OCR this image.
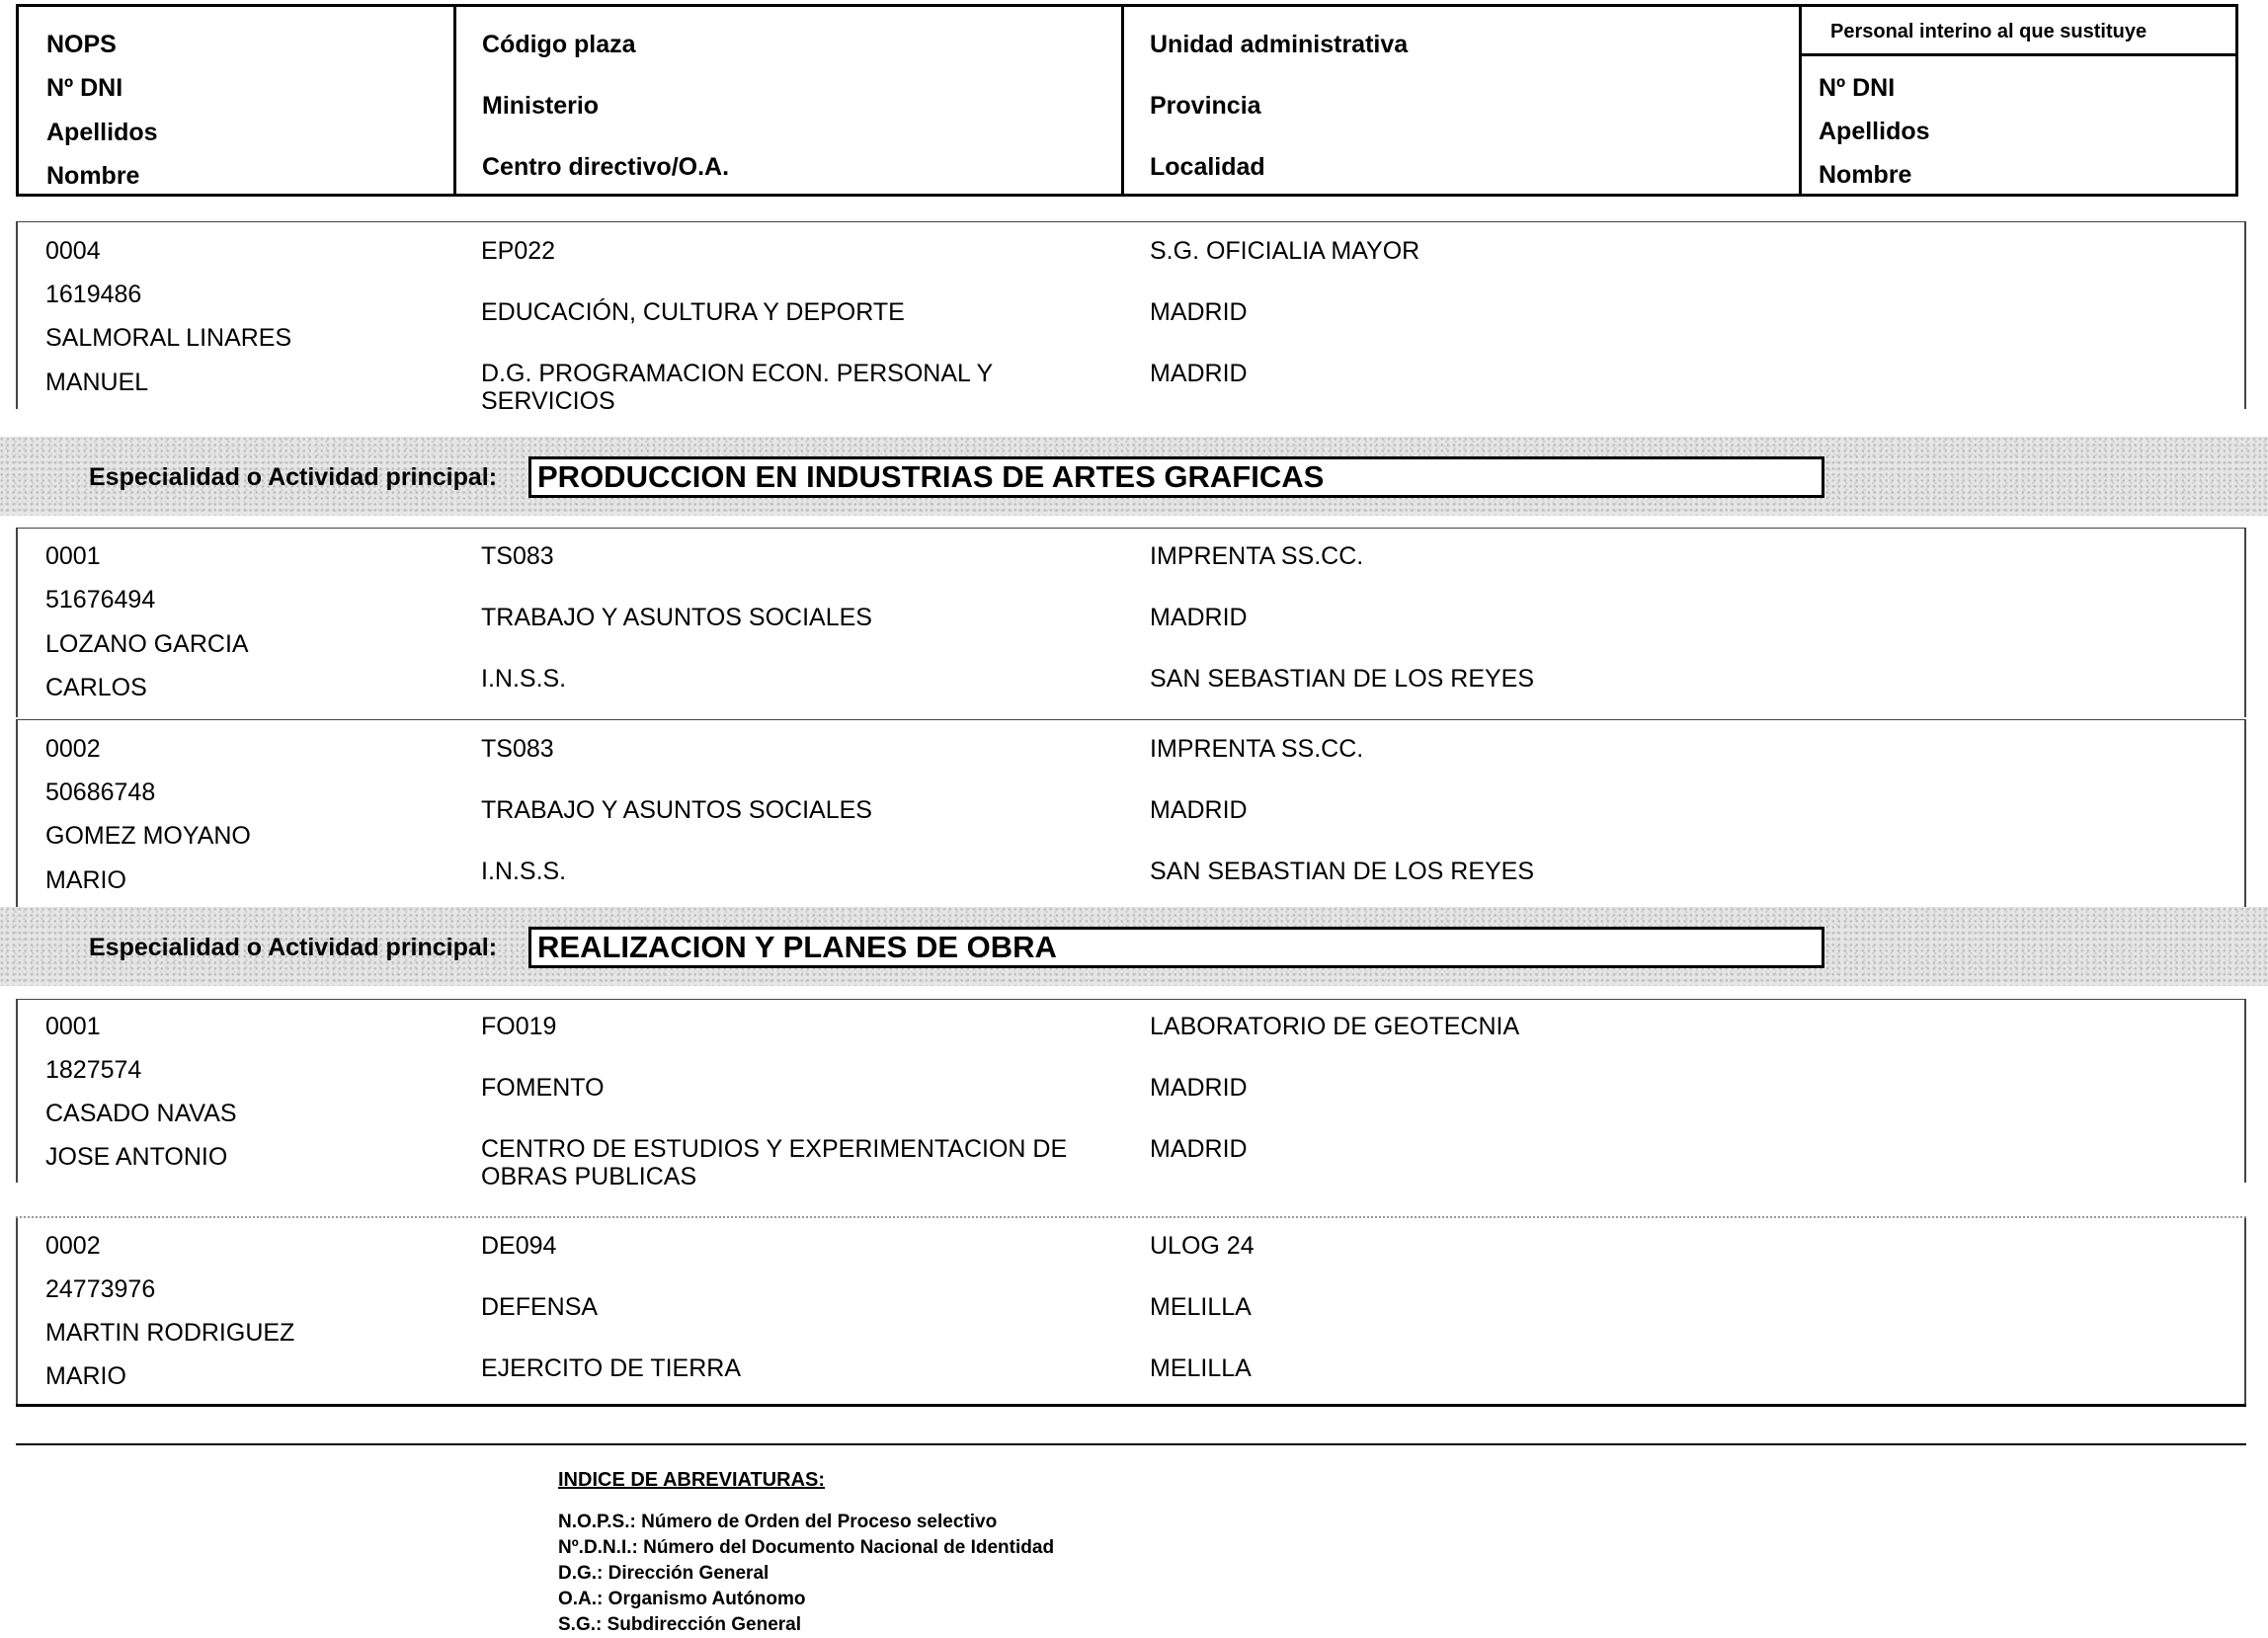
NOPS
Nº DNI
Apellidos
Nombre
Código plaza
Ministerio
Centro directivo/O.A.
Unidad administrativa
Provincia
Localidad
Personal interino al que sustituye
Nº DNI
Apellidos
Nombre
0004
1619486
SALMORAL LINARES
MANUEL
EP022
EDUCACIÓN, CULTURA Y DEPORTE
D.G. PROGRAMACION ECON. PERSONAL Y SERVICIOS
S.G. OFICIALIA MAYOR
MADRID
MADRID
Especialidad o Actividad principal: PRODUCCION EN INDUSTRIAS DE ARTES GRAFICAS
0001
51676494
LOZANO GARCIA
CARLOS
TS083
TRABAJO Y ASUNTOS SOCIALES
I.N.S.S.
IMPRENTA SS.CC.
MADRID
SAN SEBASTIAN DE LOS REYES
0002
50686748
GOMEZ MOYANO
MARIO
TS083
TRABAJO Y ASUNTOS SOCIALES
I.N.S.S.
IMPRENTA SS.CC.
MADRID
SAN SEBASTIAN DE LOS REYES
Especialidad o Actividad principal: REALIZACION Y PLANES DE OBRA
0001
1827574
CASADO NAVAS
JOSE ANTONIO
FO019
FOMENTO
CENTRO DE ESTUDIOS Y EXPERIMENTACION DE OBRAS PUBLICAS
LABORATORIO DE GEOTECNIA
MADRID
MADRID
0002
24773976
MARTIN RODRIGUEZ
MARIO
DE094
DEFENSA
EJERCITO DE TIERRA
ULOG 24
MELILLA
MELILLA
INDICE DE ABREVIATURAS:
N.O.P.S.: Número de Orden del Proceso selectivo
Nº.D.N.I.: Número del Documento Nacional de Identidad
D.G.: Dirección General
O.A.: Organismo Autónomo
S.G.: Subdirección General
